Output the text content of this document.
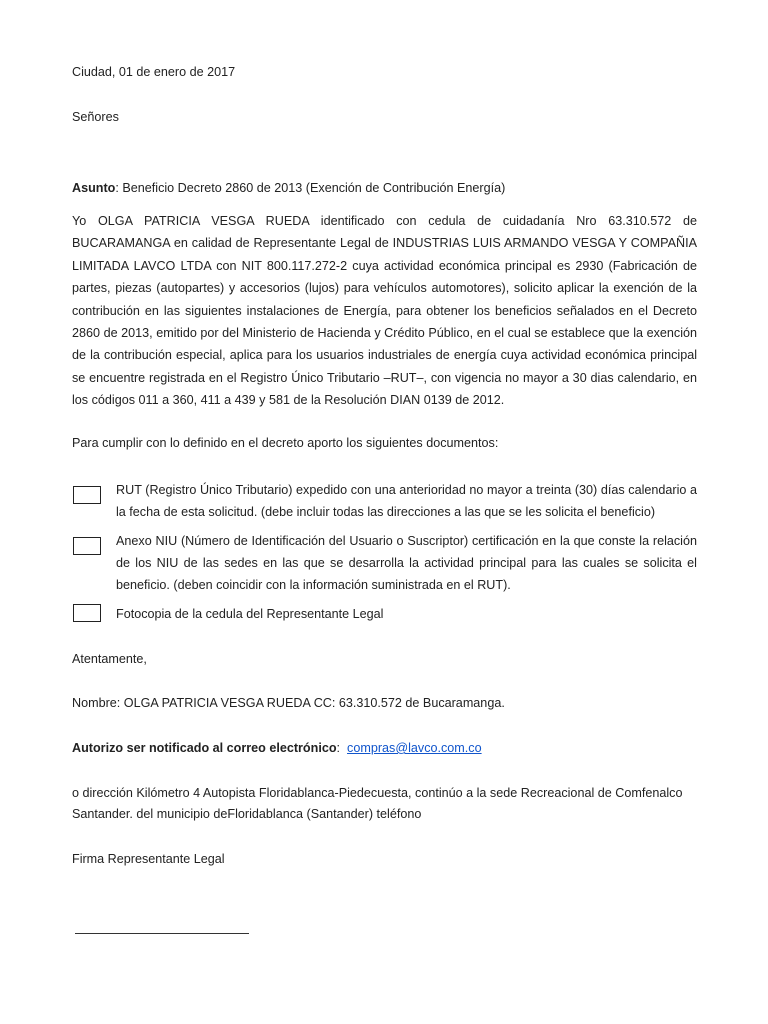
Ciudad, 01 de enero de 2017
Señores
Asunto: Beneficio Decreto 2860 de 2013 (Exención de Contribución Energía)
Yo OLGA PATRICIA VESGA RUEDA identificado con cedula de cuidadanía Nro 63.310.572 de BUCARAMANGA en calidad de Representante Legal de INDUSTRIAS LUIS ARMANDO VESGA Y COMPAÑIA LIMITADA LAVCO LTDA con NIT 800.117.272-2 cuya actividad económica principal es 2930 (Fabricación de partes, piezas (autopartes) y accesorios (lujos) para vehículos automotores), solicito aplicar la exención de la contribución en las siguientes instalaciones de Energía, para obtener los beneficios señalados en el Decreto 2860 de 2013, emitido por del Ministerio de Hacienda y Crédito Público, en el cual se establece que la exención de la contribución especial, aplica para los usuarios industriales de energía cuya actividad económica principal se encuentre registrada en el Registro Único Tributario –RUT–, con vigencia no mayor a 30 dias calendario, en los códigos 011 a 360, 411 a 439 y 581 de la Resolución DIAN 0139 de 2012.
Para cumplir con lo definido en el decreto aporto los siguientes documentos:
RUT (Registro Único Tributario) expedido con una anterioridad no mayor a treinta (30) días calendario a la fecha de esta solicitud. (debe incluir todas las direcciones a las que se les solicita el beneficio)
Anexo NIU (Número de Identificación del Usuario o Suscriptor) certificación en la que conste la relación de los NIU de las sedes en las que se desarrolla la actividad principal para las cuales se solicita el beneficio. (deben coincidir con la información suministrada en el RUT).
Fotocopia de la cedula del Representante Legal
Atentamente,
Nombre: OLGA PATRICIA VESGA RUEDA CC: 63.310.572 de Bucaramanga.
Autorizo ser notificado al correo electrónico:  compras@lavco.com.co
o dirección Kilómetro 4 Autopista Floridablanca-Piedecuesta, continúo a la sede Recreacional de Comfenalco
Santander. del municipio deFloridablanca (Santander) teléfono
Firma Representante Legal
